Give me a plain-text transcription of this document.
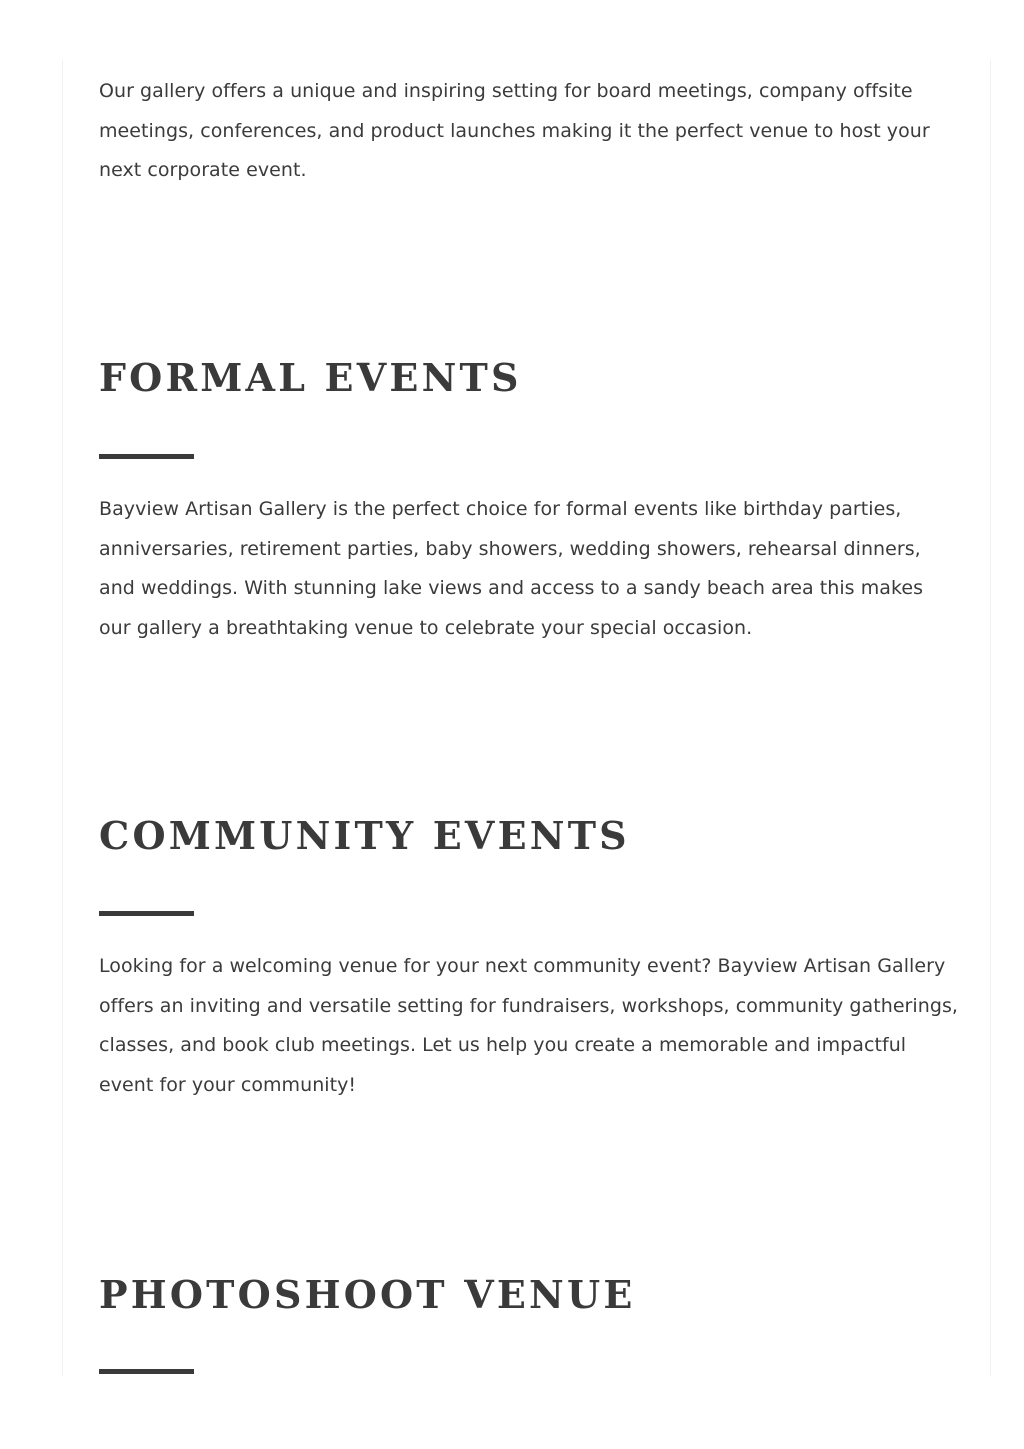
Our gallery offers a unique and inspiring setting for board meetings, company offsite meetings, conferences, and product launches making it the perfect venue to host your next corporate event.

FORMAL EVENTS

Bayview Artisan Gallery is the perfect choice for formal events like birthday parties, anniversaries, retirement parties, baby showers, wedding showers, rehearsal dinners, and weddings. With stunning lake views and access to a sandy beach area this makes our gallery a breathtaking venue to celebrate your special occasion.

COMMUNITY EVENTS

Looking for a welcoming venue for your next community event? Bayview Artisan Gallery offers an inviting and versatile setting for fundraisers, workshops, community gatherings, classes, and book club meetings. Let us help you create a memorable and impactful event for your community!

PHOTOSHOOT VENUE
